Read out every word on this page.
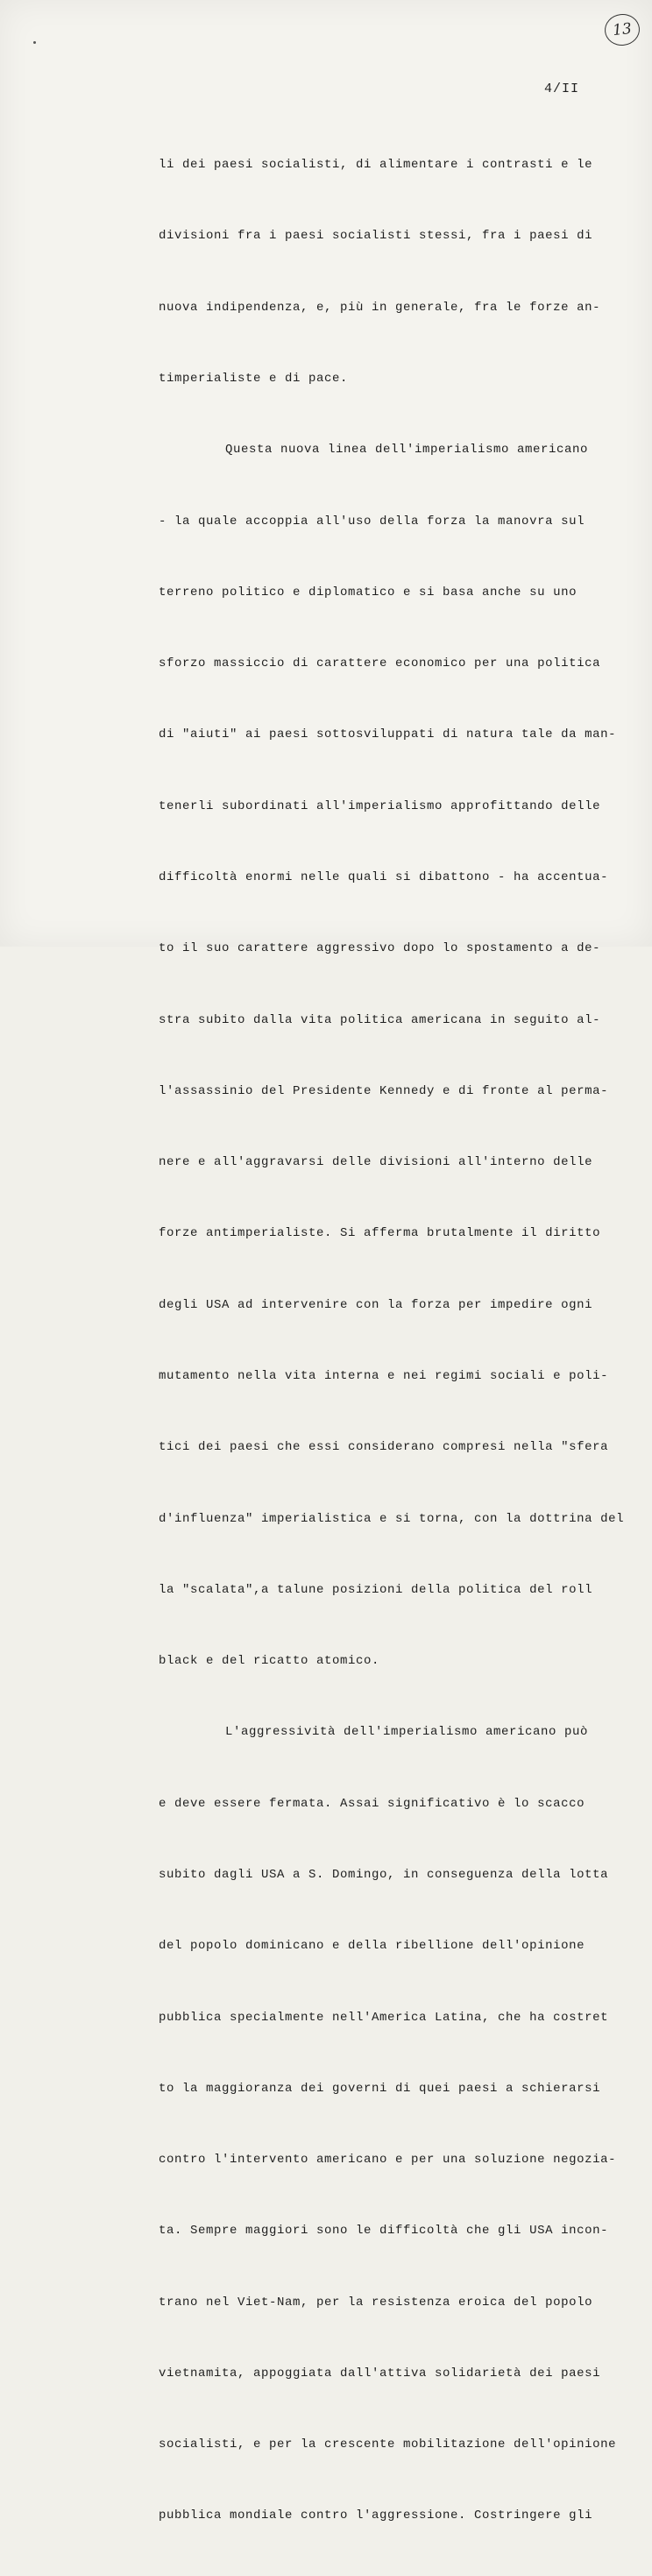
13
4/II

li dei paesi socialisti, di alimentare i contrasti e le

divisioni fra i paesi socialisti stessi, fra i paesi di

nuova indipendenza, e, più in generale, fra le forze an-

timperialiste e di pace.

Questa nuova linea dell'imperialismo americano

- la quale accoppia all'uso della forza la manovra sul

terreno politico e diplomatico e si basa anche su uno

sforzo massiccio di carattere economico per una politica

di "aiuti" ai paesi sottosviluppati di natura tale da man-

tenerli subordinati all'imperialismo approfittando delle

difficoltà enormi nelle quali si dibattono - ha accentua-

to il suo carattere aggressivo dopo lo spostamento a de-

stra subito dalla vita politica americana in seguito al-

l'assassinio del Presidente Kennedy e di fronte al perma-

nere e all'aggravarsi delle divisioni all'interno delle

forze antimperialiste. Si afferma brutalmente il diritto

degli USA ad intervenire con la forza per impedire ogni

mutamento nella vita interna e nei regimi sociali e poli-

tici dei paesi che essi considerano compresi nella "sfera

d'influenza" imperialistica e si torna, con la dottrina del

la "scalata",a talune posizioni della politica del roll

black e del ricatto atomico.

L'aggressività dell'imperialismo americano può

e deve essere fermata. Assai significativo è lo scacco

subito dagli USA a S. Domingo, in conseguenza della lotta

del popolo dominicano e della ribellione dell'opinione

pubblica specialmente nell'America Latina, che ha costret

to la maggioranza dei governi di quei paesi a schierarsi

contro l'intervento americano e per una soluzione negozia-

ta. Sempre maggiori sono le difficoltà che gli USA incon-

trano nel Viet-Nam, per la resistenza eroica del popolo

vietnamita, appoggiata dall'attiva solidarietà dei paesi

socialisti, e per la crescente mobilitazione dell'opinione

pubblica mondiale contro l'aggressione. Costringere gli
